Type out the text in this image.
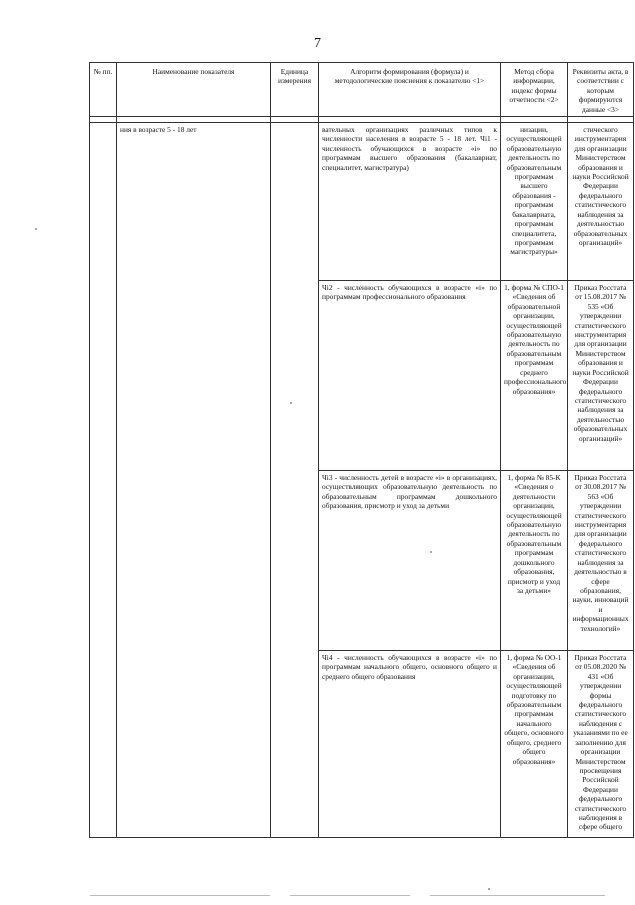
7
№ пп.	Наименование показателя	Единица измерения	Алгоритм формирования (формула) и методологические пояснения к показателю <1>	Метод сбора информации, индекс формы отчетности <2>	Реквизиты акта, в соответствии с которым формируются данные <3>

	ния в возрасте 5 - 18 лет		вательных организациях различных типов к численности населения в возрасте 5 - 18 лет. Чi1 - численность обучающихся в возрасте «i» по программам высшего образования (бакалавриат, специалитет, магистратура)	низации, осуществляющей образовательную деятельность по образовательным программам высшего образования - программам бакалавриата, программам специалитета, программам магистратуры»	стического инструментария для организации Министерством образования и науки Российской Федерации федерального статистического наблюдения за деятельностью образовательных организаций»
			Чi2 - численность обучающихся в возрасте «i» по программам профессионального образования	1, форма № СПО-1 «Сведения об образовательной организации, осуществляющей образовательную деятельность по образовательным программам среднего профессионального образования»	Приказ Росстата от 15.08.2017 № 535 «Об утверждении статистического инструментария для организации Министерством образования и науки Российской Федерации федерального статистического наблюдения за деятельностью образовательных организаций»
			Чi3 - численность детей в возрасте «i» в организациях, осуществляющих образовательную деятельность по образовательным программам дошкольного образования, присмотр и уход за детьми	1, форма № 85-К «Сведения о деятельности организации, осуществляющей образовательную деятельность по образовательным программам дошкольного образования, присмотр и уход за детьми»	Приказ Росстата от 30.08.2017 № 563 «Об утверждении статистического инструментария для организации федерального статистического наблюдения за деятельностью в сфере образования, науки, инноваций и информационных технологий»
			Чi4 - численность обучающихся в возрасте «i» по программам начального общего, основного общего и среднего общего образования	1, форма № ОО-1 «Сведения об организации, осуществляющей подготовку по образовательным программам начального общего, основного общего, среднего общего образования»	Приказ Росстата от 05.08.2020 № 431 «Об утверждении формы федерального статистического наблюдения с указаниями по ее заполнению для организации Министерством просвещения Российской Федерации федерального статистического наблюдения в сфере общего
